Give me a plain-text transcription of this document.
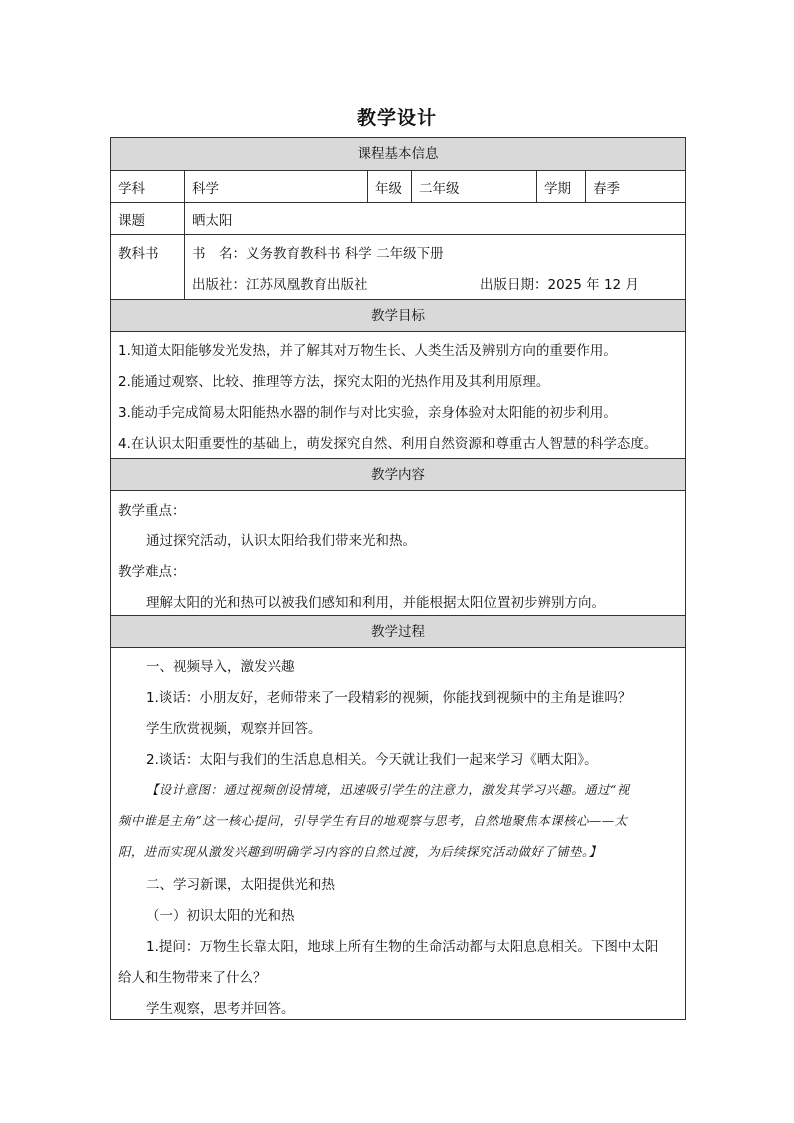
教学设计
课程基本信息
学科	科学	年级	二年级	学期	春季
课题	晒太阳
教科书 书　名：义务教育教科书 科学 二年级下册
出版社：江苏凤凰教育出版社	出版日期：2025 年 12 月
教学目标
1.知道太阳能够发光发热，并了解其对万物生长、人类生活及辨别方向的重要作用。
2.能通过观察、比较、推理等方法，探究太阳的光热作用及其利用原理。
3.能动手完成简易太阳能热水器的制作与对比实验，亲身体验对太阳能的初步利用。
4.在认识太阳重要性的基础上，萌发探究自然、利用自然资源和尊重古人智慧的科学态度。
教学内容
教学重点：
通过探究活动，认识太阳给我们带来光和热。
教学难点：
理解太阳的光和热可以被我们感知和利用，并能根据太阳位置初步辨别方向。
教学过程
一、视频导入，激发兴趣
1.谈话：小朋友好，老师带来了一段精彩的视频，你能找到视频中的主角是谁吗？
学生欣赏视频，观察并回答。
2.谈话：太阳与我们的生活息息相关。今天就让我们一起来学习《晒太阳》。
【设计意图：通过视频创设情境，迅速吸引学生的注意力，激发其学习兴趣。通过“视
频中谁是主角”这一核心提问，引导学生有目的地观察与思考，自然地聚焦本课核心——太
阳，进而实现从激发兴趣到明确学习内容的自然过渡，为后续探究活动做好了铺垫。】
二、学习新课，太阳提供光和热
（一）初识太阳的光和热
1.提问：万物生长靠太阳，地球上所有生物的生命活动都与太阳息息相关。下图中太阳
给人和生物带来了什么？
学生观察，思考并回答。
